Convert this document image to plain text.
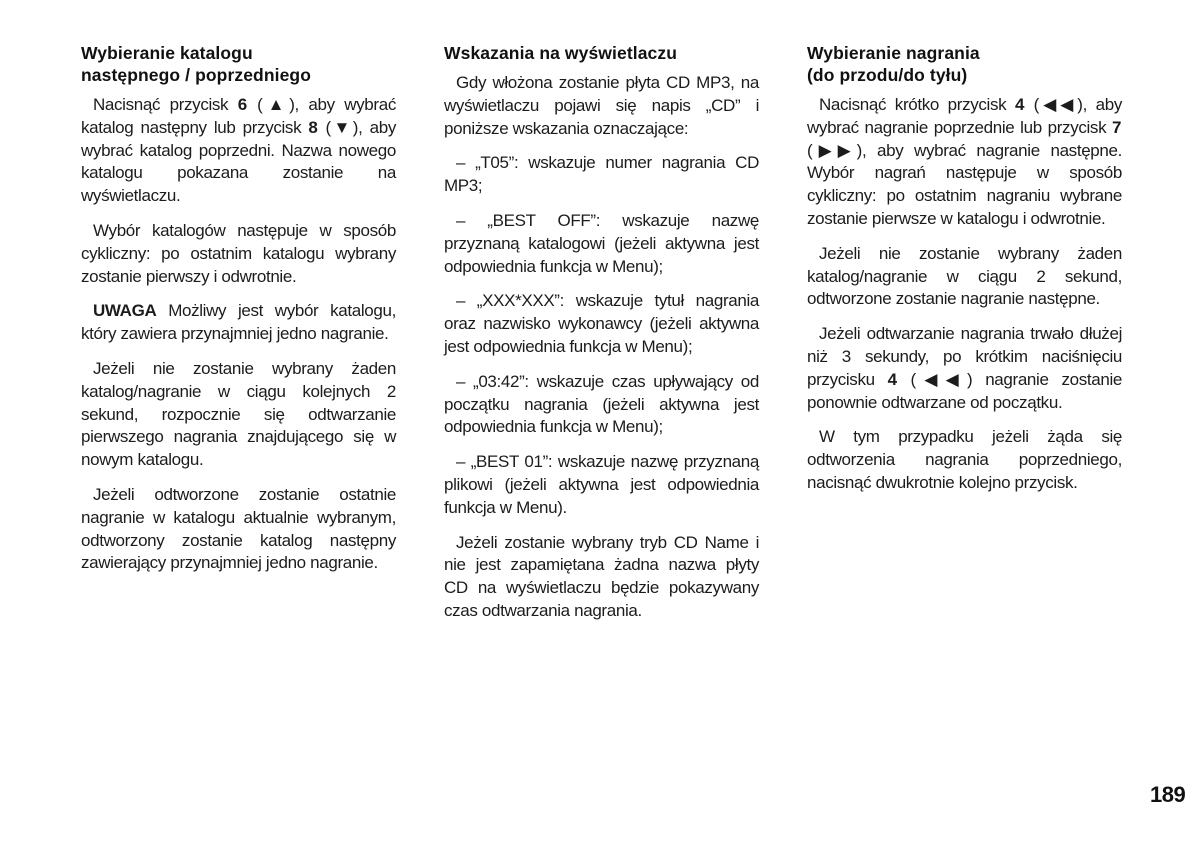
Wybieranie katalogu
następnego / poprzedniego

Nacisnąć przycisk 6 (▲), aby wybrać katalog następny lub przycisk 8 (▼), aby wybrać katalog poprzedni. Nazwa nowego katalogu pokazana zostanie na wyświetlaczu.

Wybór katalogów następuje w sposób cykliczny: po ostatnim katalogu wybrany zostanie pierwszy i odwrotnie.

UWAGA Możliwy jest wybór katalogu, który zawiera przynajmniej jedno nagranie.

Jeżeli nie zostanie wybrany żaden katalog/nagranie w ciągu kolejnych 2 sekund, rozpocznie się odtwarzanie pierwszego nagrania znajdującego się w nowym katalogu.

Jeżeli odtworzone zostanie ostatnie nagranie w katalogu aktualnie wybranym, odtworzony zostanie katalog następny zawierający przynajmniej jedno nagranie.

Wskazania na wyświetlaczu

Gdy włożona zostanie płyta CD MP3, na wyświetlaczu pojawi się napis „CD” i poniższe wskazania oznaczające:

– „T05”: wskazuje numer nagrania CD MP3;

– „BEST OFF”: wskazuje nazwę przyznaną katalogowi (jeżeli aktywna jest odpowiednia funkcja w Menu);

– „XXX*XXX”: wskazuje tytuł nagrania oraz nazwisko wykonawcy (jeżeli aktywna jest odpowiednia funkcja w Menu);

– „03:42”: wskazuje czas upływający od początku nagrania (jeżeli aktywna jest odpowiednia funkcja w Menu);

– „BEST 01”: wskazuje nazwę przyznaną plikowi (jeżeli aktywna jest odpowiednia funkcja w Menu).

Jeżeli zostanie wybrany tryb CD Name i nie jest zapamiętana żadna nazwa płyty CD na wyświetlaczu będzie pokazywany czas odtwarzania nagrania.

Wybieranie nagrania
(do przodu/do tyłu)

Nacisnąć krótko przycisk 4 (◀◀), aby wybrać nagranie poprzednie lub przycisk 7 (▶▶), aby wybrać nagranie następne. Wybór nagrań następuje w sposób cykliczny: po ostatnim nagraniu wybrane zostanie pierwsze w katalogu i odwrotnie.

Jeżeli nie zostanie wybrany żaden katalog/nagranie w ciągu 2 sekund, odtworzone zostanie nagranie następne.

Jeżeli odtwarzanie nagrania trwało dłużej niż 3 sekundy, po krótkim naciśnięciu przycisku 4 (◀◀) nagranie zostanie ponownie odtwarzane od początku.

W tym przypadku jeżeli żąda się odtworzenia nagrania poprzedniego, nacisnąć dwukrotnie kolejno przycisk.

189
